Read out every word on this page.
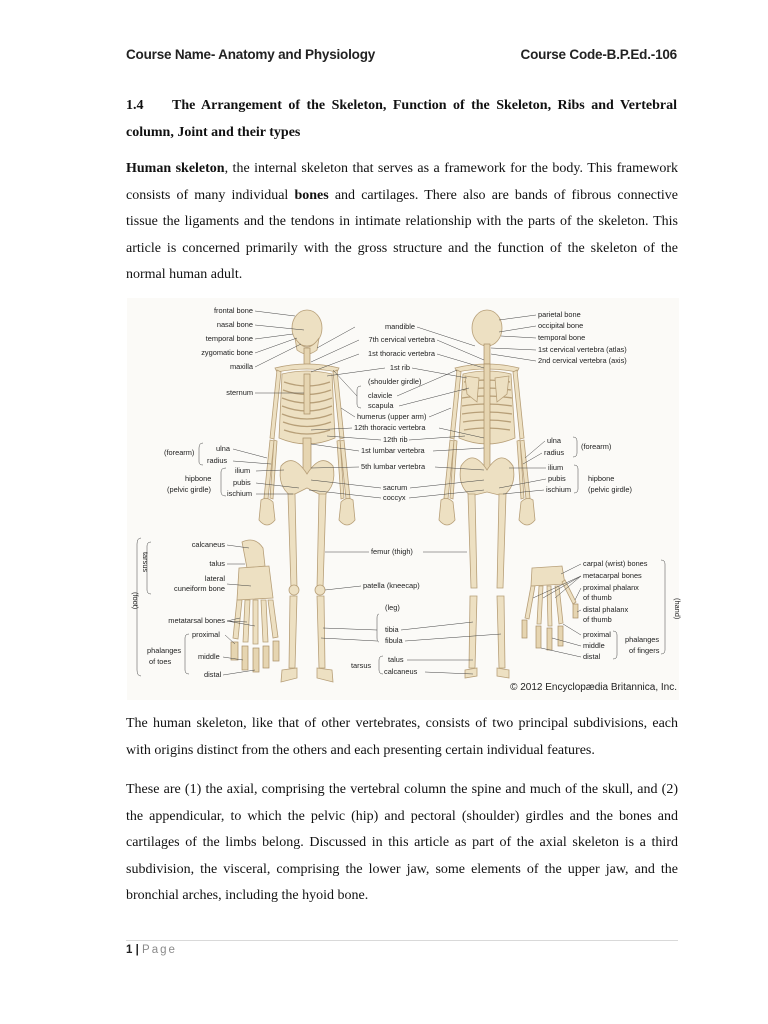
Course Name- Anatomy and Physiology	Course Code-B.P.Ed.-106
1.4 The Arrangement of the Skeleton, Function of the Skeleton, Ribs and Vertebral column, Joint and their types
Human skeleton, the internal skeleton that serves as a framework for the body. This framework consists of many individual bones and cartilages. There also are bands of fibrous connective tissue the ligaments and the tendons in intimate relationship with the parts of the skeleton. This article is concerned primarily with the gross structure and the function of the skeleton of the normal human adult.
frontal bone
nasal bone
temporal bone
zygomatic bone
maxilla
sternum
(forearm)	ulna
radius
hipbone
(pelvic girdle)
ilium
pubis
ischium
mandible
7th cervical vertebra
1st thoracic vertebra
1st rib
(shoulder girdle)
clavicle
scapula
humerus (upper arm)
12th thoracic vertebra
12th rib
1st lumbar vertebra
5th lumbar vertebra
sacrum
coccyx
femur (thigh)
patella (kneecap)
(leg)
tibia
fibula
tarsus
talus
calcaneus
parietal bone
occipital bone
temporal bone
1st cervical vertebra (atlas)
2nd cervical vertebra (axis)
ulna
radius
(forearm)
ilium
pubis
ischium
hipbone
(pelvic girdle)
carpal (wrist) bones
metacarpal bones
proximal phalanx
of thumb
distal phalanx
of thumb
proximal
middle
distal
phalanges
of fingers
(hand)
calcaneus
talus
lateral
cuneiform bone
tarsus
(foot)
metatarsal bones
proximal
middle
distal
phalanges
of toes
© 2012 Encyclopædia Britannica, Inc.
The human skeleton, like that of other vertebrates, consists of two principal subdivisions, each with origins distinct from the others and each presenting certain individual features.
These are (1) the axial, comprising the vertebral column the spine and much of the skull, and (2) the appendicular, to which the pelvic (hip) and pectoral (shoulder) girdles and the bones and cartilages of the limbs belong. Discussed in this article as part of the axial skeleton is a third subdivision, the visceral, comprising the lower jaw, some elements of the upper jaw, and the bronchial arches, including the hyoid bone.
1 | Page
